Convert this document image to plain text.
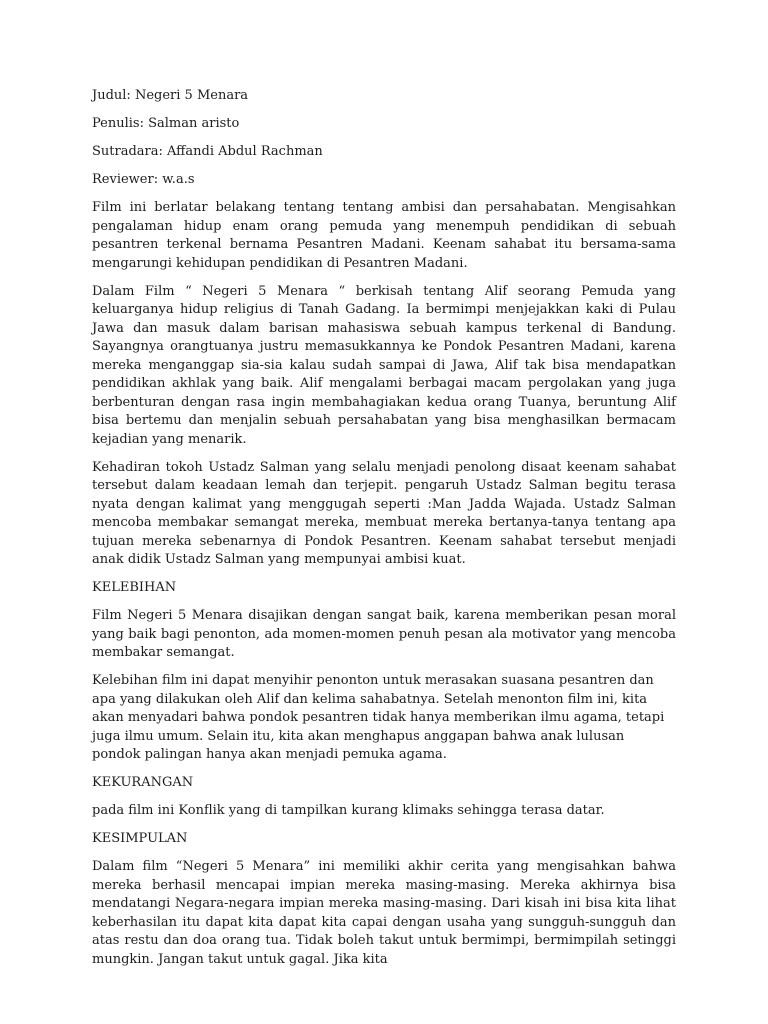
Judul: Negeri 5 Menara

Penulis: Salman aristo

Sutradara: Affandi Abdul Rachman

Reviewer: w.a.s

Film ini berlatar belakang tentang tentang ambisi dan persahabatan. Mengisahkan pengalaman hidup enam orang pemuda yang menempuh pendidikan di sebuah pesantren terkenal bernama Pesantren Madani. Keenam sahabat itu bersama-sama mengarungi kehidupan pendidikan di Pesantren Madani.

Dalam Film “ Negeri 5 Menara “ berkisah tentang Alif seorang Pemuda yang keluarganya hidup religius di Tanah Gadang. Ia bermimpi menjejakkan kaki di Pulau Jawa dan masuk dalam barisan mahasiswa sebuah kampus terkenal di Bandung. Sayangnya orangtuanya justru memasukkannya ke Pondok Pesantren Madani, karena mereka menganggap sia-sia kalau sudah sampai di Jawa, Alif tak bisa mendapatkan pendidikan akhlak yang baik. Alif mengalami berbagai macam pergolakan yang juga berbenturan dengan rasa ingin membahagiakan kedua orang Tuanya, beruntung Alif bisa bertemu dan menjalin sebuah persahabatan yang bisa menghasilkan bermacam kejadian yang menarik.

Kehadiran tokoh Ustadz Salman yang selalu menjadi penolong disaat keenam sahabat tersebut dalam keadaan lemah dan terjepit. pengaruh Ustadz Salman begitu terasa nyata dengan kalimat yang menggugah seperti :Man Jadda Wajada. Ustadz Salman mencoba membakar semangat mereka, membuat mereka bertanya-tanya tentang apa tujuan mereka sebenarnya di Pondok Pesantren. Keenam sahabat tersebut menjadi anak didik Ustadz Salman yang mempunyai ambisi kuat.

KELEBIHAN

Film Negeri 5 Menara disajikan dengan sangat baik, karena memberikan pesan moral yang baik bagi penonton, ada momen-momen penuh pesan ala motivator yang mencoba membakar semangat.

Kelebihan film ini dapat menyihir penonton untuk merasakan suasana pesantren dan apa yang dilakukan oleh Alif dan kelima sahabatnya. Setelah menonton film ini, kita akan menyadari bahwa pondok pesantren tidak hanya memberikan ilmu agama, tetapi juga ilmu umum. Selain itu, kita akan menghapus anggapan bahwa anak lulusan pondok palingan hanya akan menjadi pemuka agama.

KEKURANGAN

pada film ini Konflik yang di tampilkan kurang klimaks sehingga terasa datar.

KESIMPULAN

Dalam film “Negeri 5 Menara” ini memiliki akhir cerita yang mengisahkan bahwa mereka berhasil mencapai impian mereka masing-masing. Mereka akhirnya bisa mendatangi Negara-negara impian mereka masing-masing. Dari kisah ini bisa kita lihat keberhasilan itu dapat kita dapat kita capai dengan usaha yang sungguh-sungguh dan atas restu dan doa orang tua. Tidak boleh takut untuk bermimpi, bermimpilah setinggi mungkin. Jangan takut untuk gagal. Jika kita
